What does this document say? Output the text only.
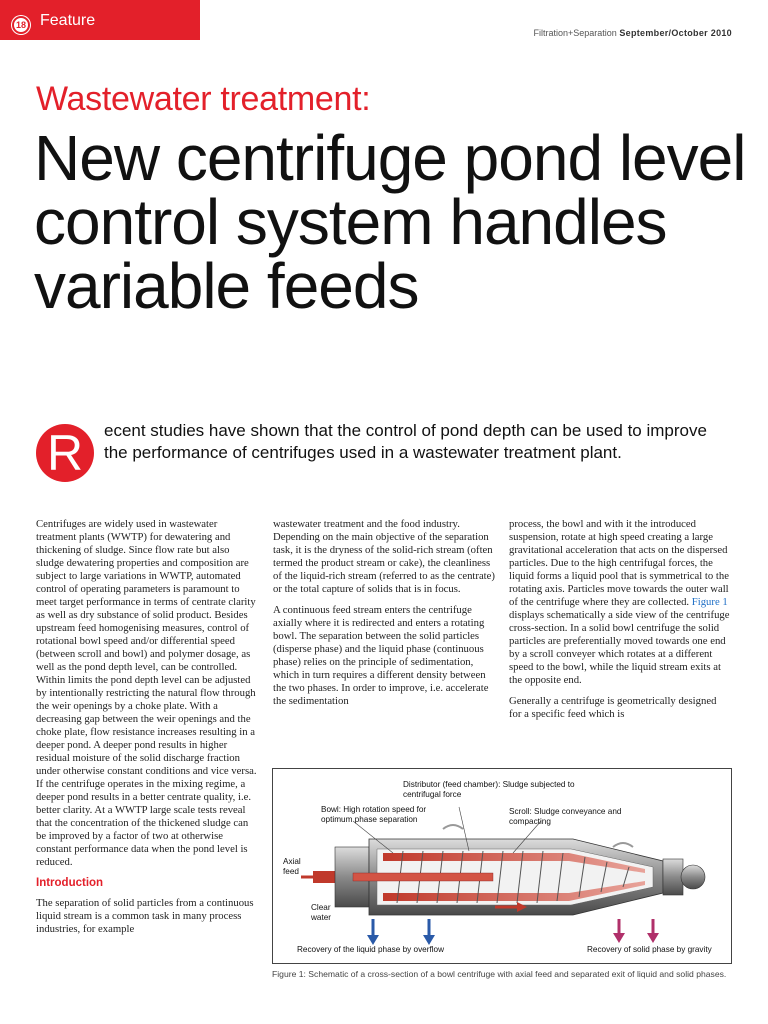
18 Feature
Filtration+Separation September/October 2010
Wastewater treatment:
New centrifuge pond level control system handles variable feeds
R	ecent studies have shown that the control of pond depth can be used to improve the performance of centrifuges used in a wastewater treatment plant.

Centrifuges are widely used in wastewater treatment plants (WWTP) for dewatering and thickening of sludge. Since flow rate but also sludge dewatering properties and composition are subject to large variations in WWTP, automated control of operating parameters is paramount to meet target performance in terms of centrate clarity as well as dry substance of solid product. Besides upstream feed homogenising measures, control of rotational bowl speed and/or differential speed (between scroll and bowl) and polymer dosage, as well as the pond depth level, can be controlled. Within limits the pond depth level can be adjusted by intentionally restricting the natural flow through the weir openings by a choke plate. With a decreasing gap between the weir openings and the choke plate, flow resistance increases resulting in a deeper pond. A deeper pond results in higher residual moisture of the solid discharge fraction under otherwise constant conditions and vice versa. If the centrifuge operates in the mixing regime, a deeper pond results in a better centrate quality, i.e. better clarity. At a WWTP large scale tests reveal that the concentration of the thickened sludge can be improved by a factor of two at otherwise constant performance data when the pond level is reduced.

Introduction

The separation of solid particles from a continuous liquid stream is a common task in many process industries, for example

wastewater treatment and the food industry. Depending on the main objective of the separation task, it is the dryness of the solid-rich stream (often termed the product stream or cake), the cleanliness of the liquid-rich stream (referred to as the centrate) or the total capture of solids that is in focus.

A continuous feed stream enters the centrifuge axially where it is redirected and enters a rotating bowl. The separation between the solid particles (disperse phase) and the liquid phase (continuous phase) relies on the principle of sedimentation, which in turn requires a different density between the two phases. In order to improve, i.e. accelerate the sedimentation

process, the bowl and with it the introduced suspension, rotate at high speed creating a large gravitational acceleration that acts on the dispersed particles. Due to the high centrifugal forces, the liquid forms a liquid pool that is symmetrical to the rotating axis. Particles move towards the outer wall of the centrifuge where they are collected. Figure 1 displays schematically a side view of the centrifuge cross-section. In a solid bowl centrifuge the solid particles are preferentially moved towards one end by a scroll conveyer which rotates at a different speed to the bowl, while the liquid stream exits at the opposite end.

Generally a centrifuge is geometrically designed for a specific feed which is

Distributor (feed chamber): Sludge subjected to centrifugal force
Bowl: High rotation speed for optimum phase separation
Scroll: Sludge conveyance and compacting
Axial feed
Clear water
Recovery of the liquid phase by overflow	Recovery of solid phase by gravity
Figure 1: Schematic of a cross-section of a bowl centrifuge with axial feed and separated exit of liquid and solid phases.
